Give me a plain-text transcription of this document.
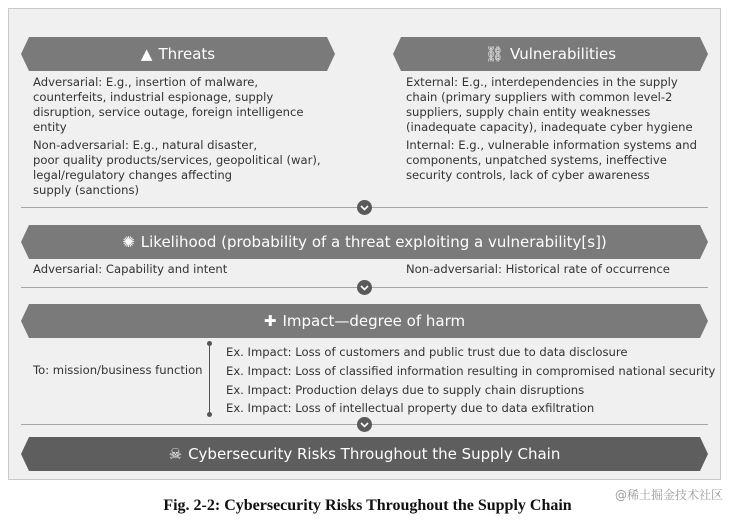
▲ Threats	⛓ Vulnerabilities
Adversarial: E.g., insertion of malware,
counterfeits, industrial espionage, supply
disruption, service outage, foreign intelligence
entity
Non-adversarial: E.g., natural disaster,
poor quality products/services, geopolitical (war),
legal/regulatory changes affecting
supply (sanctions)
External: E.g., interdependencies in the supply
chain (primary suppliers with common level-2
suppliers, supply chain entity weaknesses
(inadequate capacity), inadequate cyber hygiene
Internal: E.g., vulnerable information systems and
components, unpatched systems, ineffective
security controls, lack of cyber awareness
✺ Likelihood (probability of a threat exploiting a vulnerability[s])
Adversarial: Capability and intent	Non-adversarial: Historical rate of occurrence
✚ Impact—degree of harm
To: mission/business function
Ex. Impact: Loss of customers and public trust due to data disclosure
Ex. Impact: Loss of classified information resulting in compromised national security
Ex. Impact: Production delays due to supply chain disruptions
Ex. Impact: Loss of intellectual property due to data exfiltration
☠ Cybersecurity Risks Throughout the Supply Chain
Fig. 2-2: Cybersecurity Risks Throughout the Supply Chain
@稀土掘金技术社区
